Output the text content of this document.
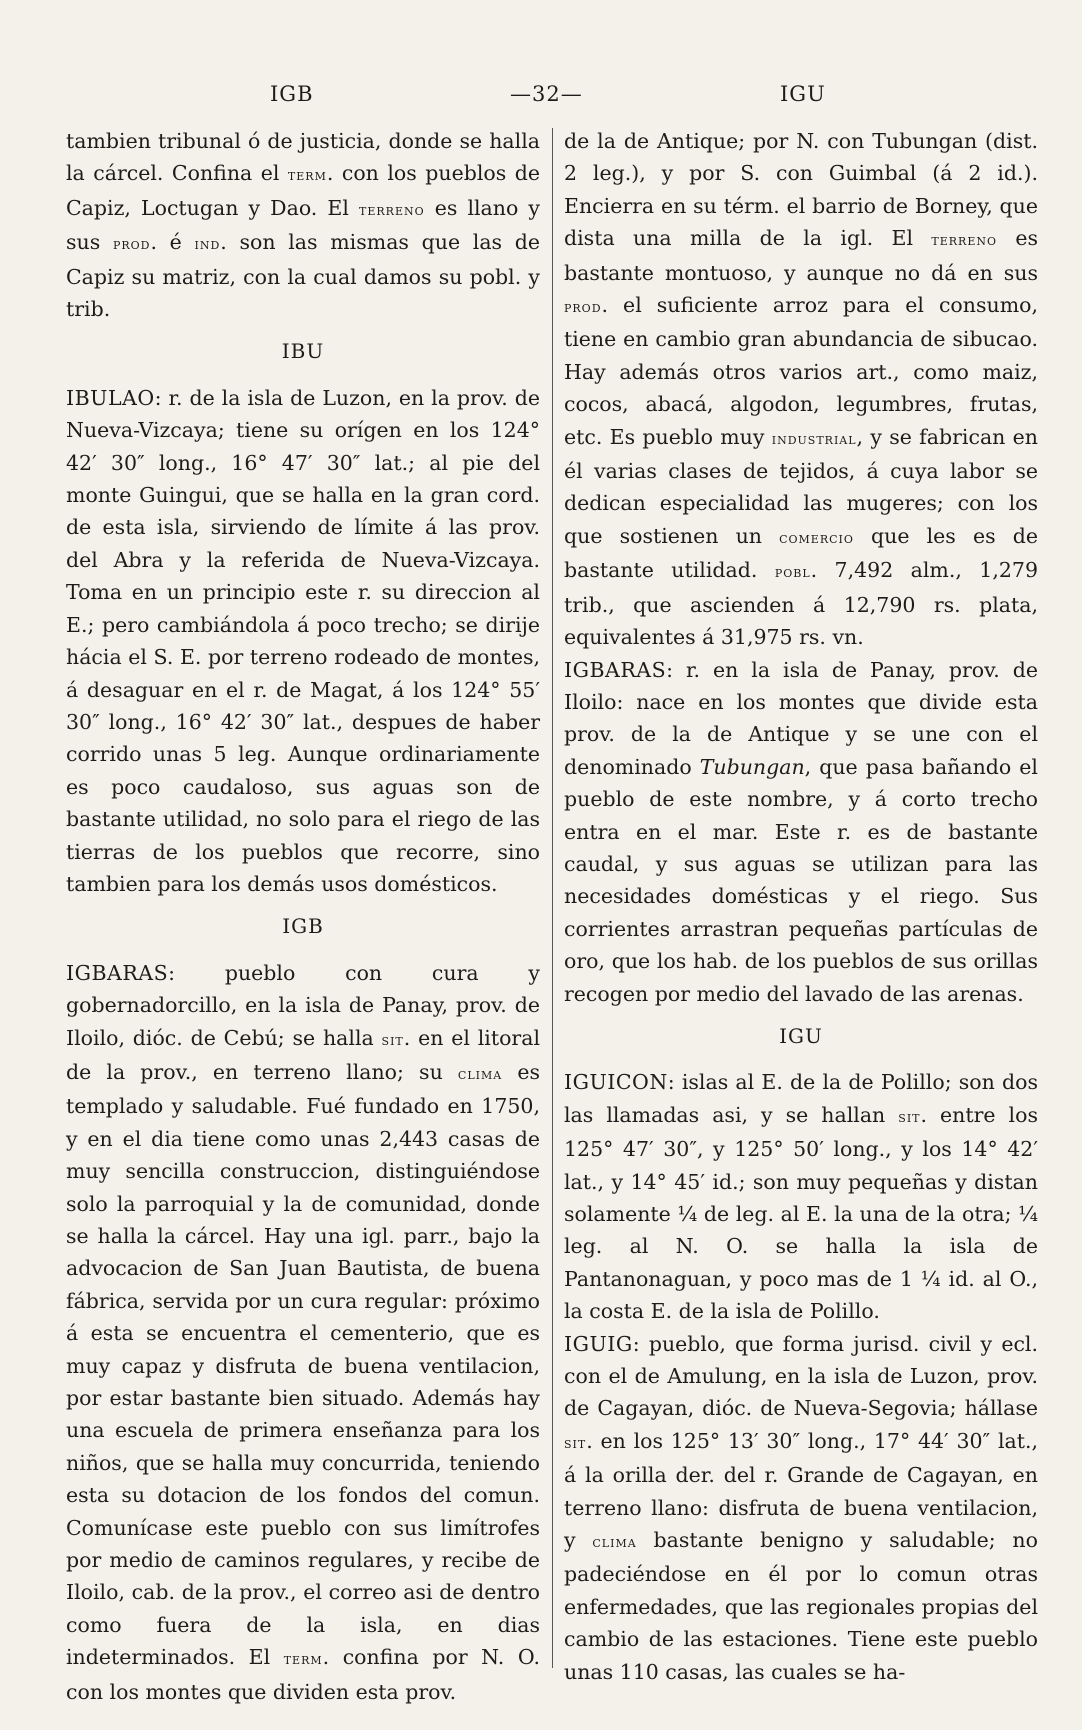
IGB	—32—	IGU

tambien tribunal ó de justicia, donde se halla la cárcel. Confina el term. con los pueblos de Capiz, Loctugan y Dao. El terreno es llano y sus prod. é ind. son las mismas que las de Capiz su matriz, con la cual damos su pobl. y trib.

IBU

IBULAO: r. de la isla de Luzon, en la prov. de Nueva-Vizcaya; tiene su orígen en los 124° 42′ 30″ long., 16° 47′ 30″ lat.; al pie del monte Guingui, que se halla en la gran cord. de esta isla, sirviendo de límite á las prov. del Abra y la referida de Nueva-Vizcaya. Toma en un principio este r. su direccion al E.; pero cambiándola á poco trecho; se dirije hácia el S. E. por terreno rodeado de montes, á desaguar en el r. de Magat, á los 124° 55′ 30″ long., 16° 42′ 30″ lat., despues de haber corrido unas 5 leg. Aunque ordinariamente es poco caudaloso, sus aguas son de bastante utilidad, no solo para el riego de las tierras de los pueblos que recorre, sino tambien para los demás usos domésticos.

IGB

IGBARAS: pueblo con cura y gobernadorcillo, en la isla de Panay, prov. de Iloilo, dióc. de Cebú; se halla sit. en el litoral de la prov., en terreno llano; su clima es templado y saludable. Fué fundado en 1750, y en el dia tiene como unas 2,443 casas de muy sencilla construccion, distinguiéndose solo la parroquial y la de comunidad, donde se halla la cárcel. Hay una igl. parr., bajo la advocacion de San Juan Bautista, de buena fábrica, servida por un cura regular: próximo á esta se encuentra el cementerio, que es muy capaz y disfruta de buena ventilacion, por estar bastante bien situado. Además hay una escuela de primera enseñanza para los niños, que se halla muy concurrida, teniendo esta su dotacion de los fondos del comun. Comunícase este pueblo con sus limítrofes por medio de caminos regulares, y recibe de Iloilo, cab. de la prov., el correo asi de dentro como fuera de la isla, en dias indeterminados. El term. confina por N. O. con los montes que dividen esta prov.

de la de Antique; por N. con Tubungan (dist. 2 leg.), y por S. con Guimbal (á 2 id.). Encierra en su térm. el barrio de Borney, que dista una milla de la igl. El terreno es bastante montuoso, y aunque no dá en sus prod. el suficiente arroz para el consumo, tiene en cambio gran abundancia de sibucao. Hay además otros varios art., como maiz, cocos, abacá, algodon, legumbres, frutas, etc. Es pueblo muy industrial, y se fabrican en él varias clases de tejidos, á cuya labor se dedican especialidad las mugeres; con los que sostienen un comercio que les es de bastante utilidad. pobl. 7,492 alm., 1,279 trib., que ascienden á 12,790 rs. plata, equivalentes á 31,975 rs. vn.

IGBARAS: r. en la isla de Panay, prov. de Iloilo: nace en los montes que divide esta prov. de la de Antique y se une con el denominado Tubungan, que pasa bañando el pueblo de este nombre, y á corto trecho entra en el mar. Este r. es de bastante caudal, y sus aguas se utilizan para las necesidades domésticas y el riego. Sus corrientes arrastran pequeñas partículas de oro, que los hab. de los pueblos de sus orillas recogen por medio del lavado de las arenas.

IGU

IGUICON: islas al E. de la de Polillo; son dos las llamadas asi, y se hallan sit. entre los 125° 47′ 30″, y 125° 50′ long., y los 14° 42′ lat., y 14° 45′ id.; son muy pequeñas y distan solamente ¼ de leg. al E. la una de la otra; ¼ leg. al N. O. se halla la isla de Pantanonaguan, y poco mas de 1 ¼ id. al O., la costa E. de la isla de Polillo.

IGUIG: pueblo, que forma jurisd. civil y ecl. con el de Amulung, en la isla de Luzon, prov. de Cagayan, dióc. de Nueva-Segovia; hállase sit. en los 125° 13′ 30″ long., 17° 44′ 30″ lat., á la orilla der. del r. Grande de Cagayan, en terreno llano: disfruta de buena ventilacion, y clima bastante benigno y saludable; no padeciéndose en él por lo comun otras enfermedades, que las regionales propias del cambio de las estaciones. Tiene este pueblo unas 110 casas, las cuales se ha-
